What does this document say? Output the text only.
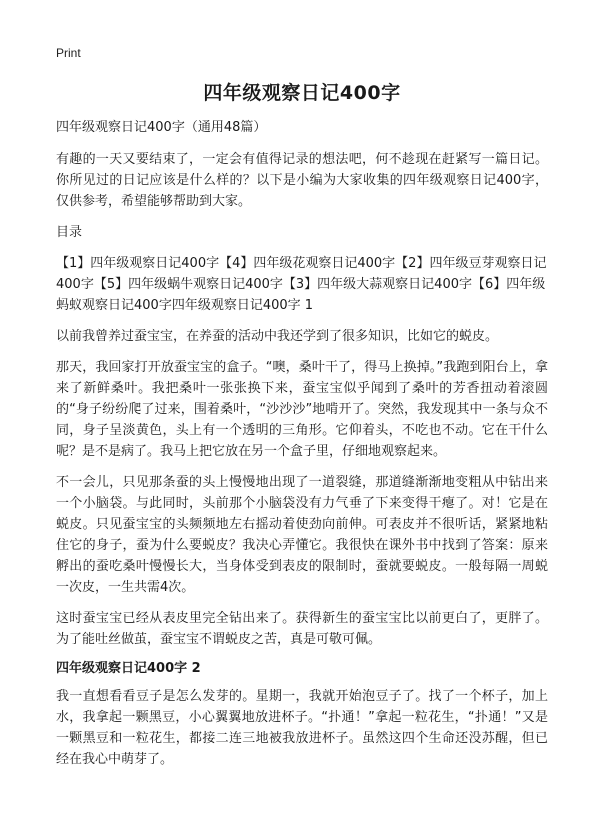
Print
四年级观察日记400字
四年级观察日记400字（通用48篇）

有趣的一天又要结束了，一定会有值得记录的想法吧，何不趁现在赶紧写一篇日记。你所见过的日记应该是什么样的？以下是小编为大家收集的四年级观察日记400字，仅供参考，希望能够帮助到大家。

目录

【1】四年级观察日记400字【4】四年级花观察日记400字【2】四年级豆芽观察日记400字【5】四年级蜗牛观察日记400字【3】四年级大蒜观察日记400字【6】四年级蚂蚁观察日记400字四年级观察日记400字 1

以前我曾养过蚕宝宝，在养蚕的活动中我还学到了很多知识，比如它的蜕皮。

那天，我回家打开放蚕宝宝的盒子。“噢，桑叶干了，得马上换掉。”我跑到阳台上，拿来了新鲜桑叶。我把桑叶一张张换下来，蚕宝宝似乎闻到了桑叶的芳香扭动着滚圆的“身子纷纷爬了过来，围着桑叶，“沙沙沙”地啃开了。突然，我发现其中一条与众不同，身子呈淡黄色，头上有一个透明的三角形。它仰着头，不吃也不动。它在干什么呢？是不是病了。我马上把它放在另一个盒子里，仔细地观察起来。

不一会儿，只见那条蚕的头上慢慢地出现了一道裂缝，那道缝渐渐地变粗从中钻出来一个小脑袋。与此同时，头前那个小脑袋没有力气垂了下来变得干瘪了。对！它是在蜕皮。只见蚕宝宝的头频频地左右摇动着使劲向前伸。可表皮并不很听话，紧紧地粘住它的身子，蚕为什么要蜕皮？我决心弄懂它。我很快在课外书中找到了答案：原来孵出的蚕吃桑叶慢慢长大，当身体受到表皮的限制时，蚕就要蜕皮。一般每隔一周蜕一次皮，一生共需4次。

这时蚕宝宝已经从表皮里完全钻出来了。获得新生的蚕宝宝比以前更白了，更胖了。为了能吐丝做茧，蚕宝宝不谓蜕皮之苦，真是可敬可佩。

四年级观察日记400字 2

我一直想看看豆子是怎么发芽的。星期一，我就开始泡豆子了。找了一个杯子，加上水，我拿起一颗黑豆，小心翼翼地放进杯子。“扑通！”拿起一粒花生，“扑通！”又是一颗黑豆和一粒花生，都接二连三地被我放进杯子。虽然这四个生命还没苏醒，但已经在我心中萌芽了。
